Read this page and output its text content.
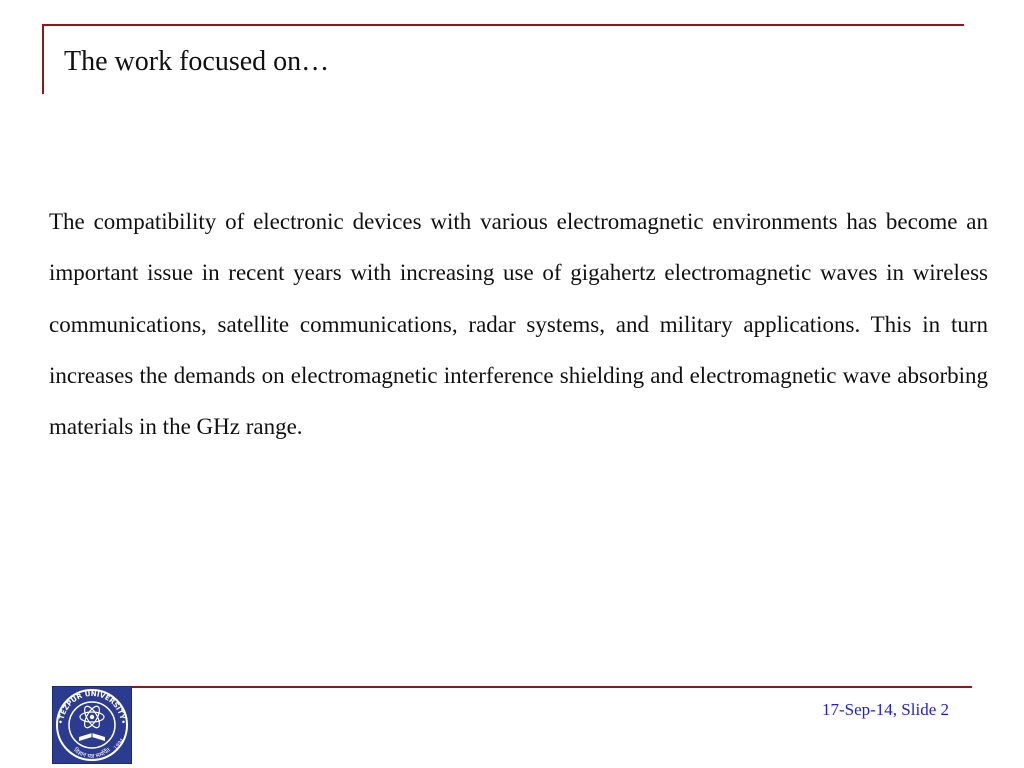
The work focused on…

The compatibility of electronic devices with various electromagnetic environments has become an important issue in recent years with increasing use of gigahertz electromagnetic waves in wireless communications, satellite communications, radar systems, and military applications. This in turn increases the demands on electromagnetic interference shielding and electromagnetic wave absorbing materials in the GHz range.

•TEZPUR UNIVERSITY•
विज्ञान यज्ञ समर्पित 1994

17-Sep-14, Slide 2
